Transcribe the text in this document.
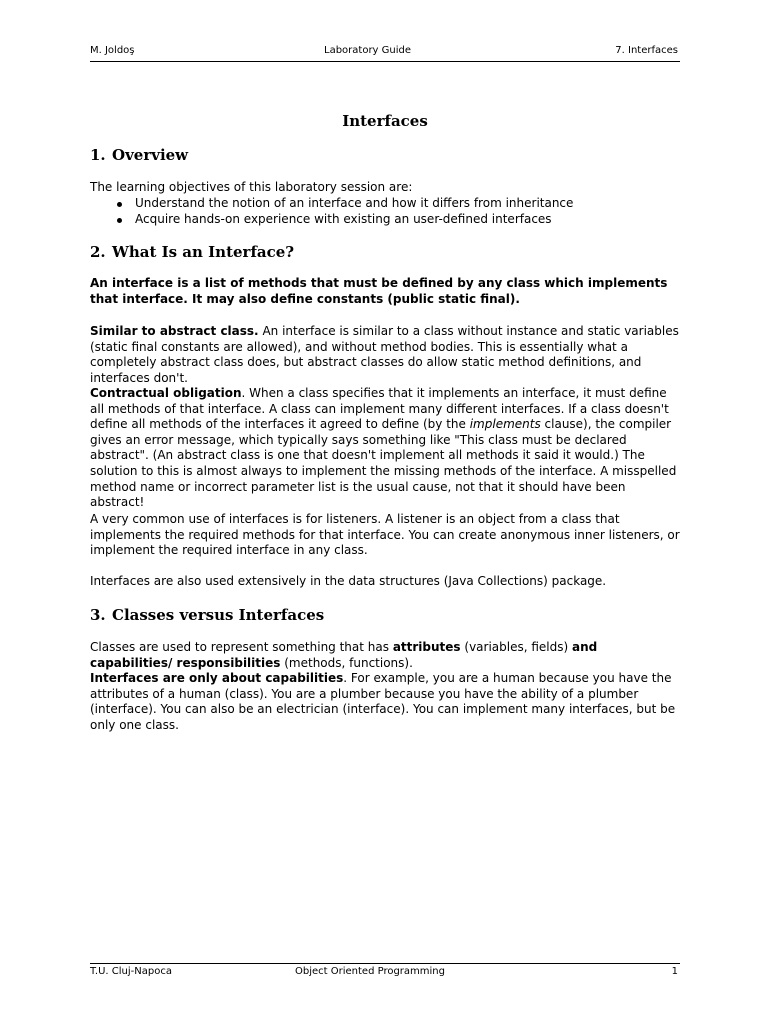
M. Joldoş	Laboratory Guide	7. Interfaces
Interfaces
1. Overview

The learning objectives of this laboratory session are:

Understand the notion of an interface and how it differs from inheritance
Acquire hands-on experience with existing an user-defined interfaces
2. What Is an Interface?

An interface is a list of methods that must be defined by any class which implements that interface. It may also define constants (public static final).

Similar to abstract class. An interface is similar to a class without instance and static variables (static final constants are allowed), and without method bodies. This is essentially what a completely abstract class does, but abstract classes do allow static method definitions, and interfaces don't.

Contractual obligation. When a class specifies that it implements an interface, it must define all methods of that interface. A class can implement many different interfaces. If a class doesn't define all methods of the interfaces it agreed to define (by the implements clause), the compiler gives an error message, which typically says something like "This class must be declared abstract". (An abstract class is one that doesn't implement all methods it said it would.) The solution to this is almost always to implement the missing methods of the interface. A misspelled method name or incorrect parameter list is the usual cause, not that it should have been abstract!

A very common use of interfaces is for listeners. A listener is an object from a class that implements the required methods for that interface. You can create anonymous inner listeners, or implement the required interface in any class.

Interfaces are also used extensively in the data structures (Java Collections) package.

3. Classes versus Interfaces

Classes are used to represent something that has attributes (variables, fields) and capabilities/ responsibilities (methods, functions).
Interfaces are only about capabilities. For example, you are a human because you have the attributes of a human (class). You are a plumber because you have the ability of a plumber (interface). You can also be an electrician (interface). You can implement many interfaces, but be only one class.

T.U. Cluj-Napoca	Object Oriented Programming	1
